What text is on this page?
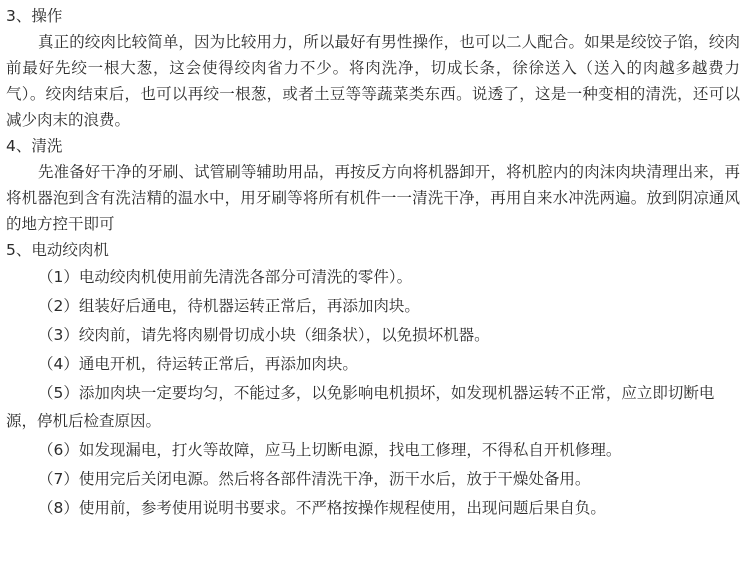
3、操作

真正的绞肉比较简单，因为比较用力，所以最好有男性操作，也可以二人配合。如果是绞饺子馅，绞肉前最好先绞一根大葱，这会使得绞肉省力不少。将肉洗净，切成长条，徐徐送入（送入的肉越多越费力气）。绞肉结束后，也可以再绞一根葱，或者土豆等等蔬菜类东西。说透了，这是一种变相的清洗，还可以减少肉末的浪费。

4、清洗

先准备好干净的牙刷、试管刷等辅助用品，再按反方向将机器卸开，将机腔内的肉沫肉块清理出来，再将机器泡到含有洗洁精的温水中，用牙刷等将所有机件一一清洗干净，再用自来水冲洗两遍。放到阴凉通风的地方控干即可

5、电动绞肉机
（1）电动绞肉机使用前先清洗各部分可清洗的零件）。
（2）组装好后通电，待机器运转正常后，再添加肉块。
（3）绞肉前，请先将肉剔骨切成小块（细条状），以免损坏机器。
（4）通电开机，待运转正常后，再添加肉块。
（5）添加肉块一定要均匀，不能过多，以免影响电机损坏，如发现机器运转不正常，应立即切断电源，停机后检查原因。
（6）如发现漏电，打火等故障，应马上切断电源，找电工修理，不得私自开机修理。
（7）使用完后关闭电源。然后将各部件清洗干净，沥干水后，放于干燥处备用。
（8）使用前，参考使用说明书要求。不严格按操作规程使用，出现问题后果自负。
